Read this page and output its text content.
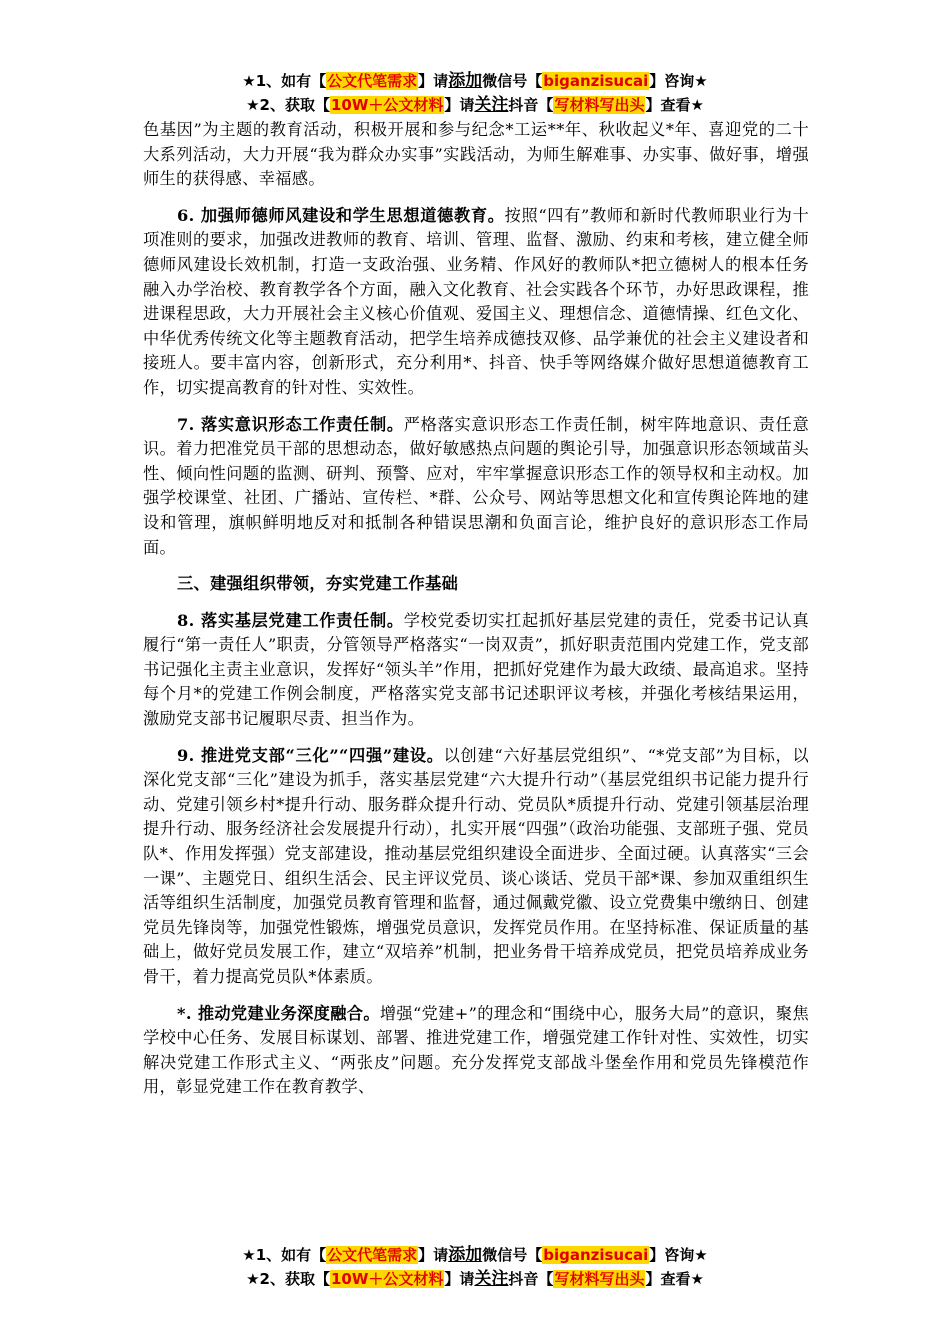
★1、如有【公文代笔需求】请添加微信号【biganzisucai】咨询★
★2、获取【10W＋公文材料】请关注抖音【写材料写出头】查看★

色基因”为主题的教育活动，积极开展和参与纪念*工运**年、秋收起义*年、喜迎党的二十大系列活动，大力开展“我为群众办实事”实践活动，为师生解难事、办实事、做好事，增强师生的获得感、幸福感。

6. 加强师德师风建设和学生思想道德教育。按照“四有”教师和新时代教师职业行为十项准则的要求，加强改进教师的教育、培训、管理、监督、激励、约束和考核，建立健全师德师风建设长效机制，打造一支政治强、业务精、作风好的教师队*把立德树人的根本任务融入办学治校、教育教学各个方面，融入文化教育、社会实践各个环节，办好思政课程，推进课程思政，大力开展社会主义核心价值观、爱国主义、理想信念、道德情操、红色文化、中华优秀传统文化等主题教育活动，把学生培养成德技双修、品学兼优的社会主义建设者和接班人。要丰富内容，创新形式，充分利用*、抖音、快手等网络媒介做好思想道德教育工作，切实提高教育的针对性、实效性。

7. 落实意识形态工作责任制。严格落实意识形态工作责任制，树牢阵地意识、责任意识。着力把准党员干部的思想动态，做好敏感热点问题的舆论引导，加强意识形态领域苗头性、倾向性问题的监测、研判、预警、应对，牢牢掌握意识形态工作的领导权和主动权。加强学校课堂、社团、广播站、宣传栏、*群、公众号、网站等思想文化和宣传舆论阵地的建设和管理，旗帜鲜明地反对和抵制各种错误思潮和负面言论，维护良好的意识形态工作局面。

三、建强组织带领，夯实党建工作基础

8. 落实基层党建工作责任制。学校党委切实扛起抓好基层党建的责任，党委书记认真履行“第一责任人”职责，分管领导严格落实“一岗双责”，抓好职责范围内党建工作，党支部书记强化主责主业意识，发挥好“领头羊”作用，把抓好党建作为最大政绩、最高追求。坚持每个月*的党建工作例会制度，严格落实党支部书记述职评议考核，并强化考核结果运用，激励党支部书记履职尽责、担当作为。

9. 推进党支部“三化”“四强”建设。以创建“六好基层党组织”、“*党支部”为目标，以深化党支部“三化”建设为抓手，落实基层党建“六大提升行动”（基层党组织书记能力提升行动、党建引领乡村*提升行动、服务群众提升行动、党员队*质提升行动、党建引领基层治理提升行动、服务经济社会发展提升行动），扎实开展“四强”（政治功能强、支部班子强、党员队*、作用发挥强）党支部建设，推动基层党组织建设全面进步、全面过硬。认真落实“三会一课”、主题党日、组织生活会、民主评议党员、谈心谈话、党员干部*课、参加双重组织生活等组织生活制度，加强党员教育管理和监督，通过佩戴党徽、设立党费集中缴纳日、创建党员先锋岗等，加强党性锻炼，增强党员意识，发挥党员作用。在坚持标准、保证质量的基础上，做好党员发展工作，建立“双培养”机制，把业务骨干培养成党员，把党员培养成业务骨干，着力提高党员队*体素质。

*. 推动党建业务深度融合。增强“党建+”的理念和“围绕中心，服务大局”的意识，聚焦学校中心任务、发展目标谋划、部署、推进党建工作，增强党建工作针对性、实效性，切实解决党建工作形式主义、“两张皮”问题。充分发挥党支部战斗堡垒作用和党员先锋模范作用，彰显党建工作在教育教学、

★1、如有【公文代笔需求】请添加微信号【biganzisucai】咨询★
★2、获取【10W＋公文材料】请关注抖音【写材料写出头】查看★
